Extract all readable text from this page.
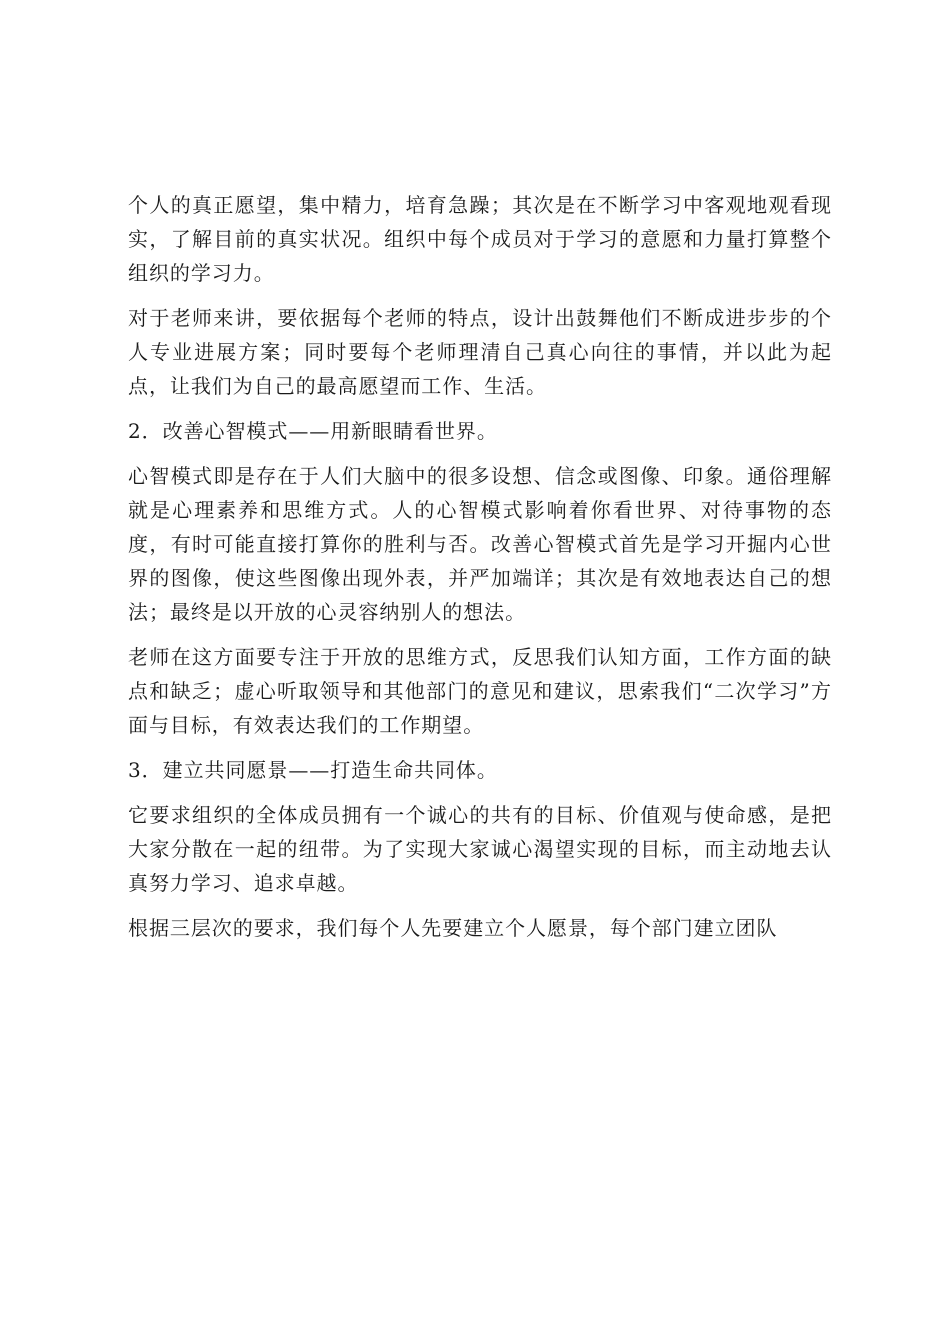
个人的真正愿望，集中精力，培育急躁；其次是在不断学习中客观地观看现实，了解目前的真实状况。组织中每个成员对于学习的意愿和力量打算整个组织的学习力。

对于老师来讲，要依据每个老师的特点，设计出鼓舞他们不断成进步步的个人专业进展方案；同时要每个老师理清自己真心向往的事情，并以此为起点，让我们为自己的最高愿望而工作、生活。

2．改善心智模式——用新眼睛看世界。

心智模式即是存在于人们大脑中的很多设想、信念或图像、印象。通俗理解就是心理素养和思维方式。人的心智模式影响着你看世界、对待事物的态度，有时可能直接打算你的胜利与否。改善心智模式首先是学习开掘内心世界的图像，使这些图像出现外表，并严加端详；其次是有效地表达自己的想法；最终是以开放的心灵容纳别人的想法。

老师在这方面要专注于开放的思维方式，反思我们认知方面，工作方面的缺点和缺乏；虚心听取领导和其他部门的意见和建议，思索我们“二次学习”方面与目标，有效表达我们的工作期望。

3．建立共同愿景——打造生命共同体。

它要求组织的全体成员拥有一个诚心的共有的目标、价值观与使命感，是把大家分散在一起的纽带。为了实现大家诚心渴望实现的目标，而主动地去认真努力学习、追求卓越。

根据三层次的要求，我们每个人先要建立个人愿景，每个部门建立团队
